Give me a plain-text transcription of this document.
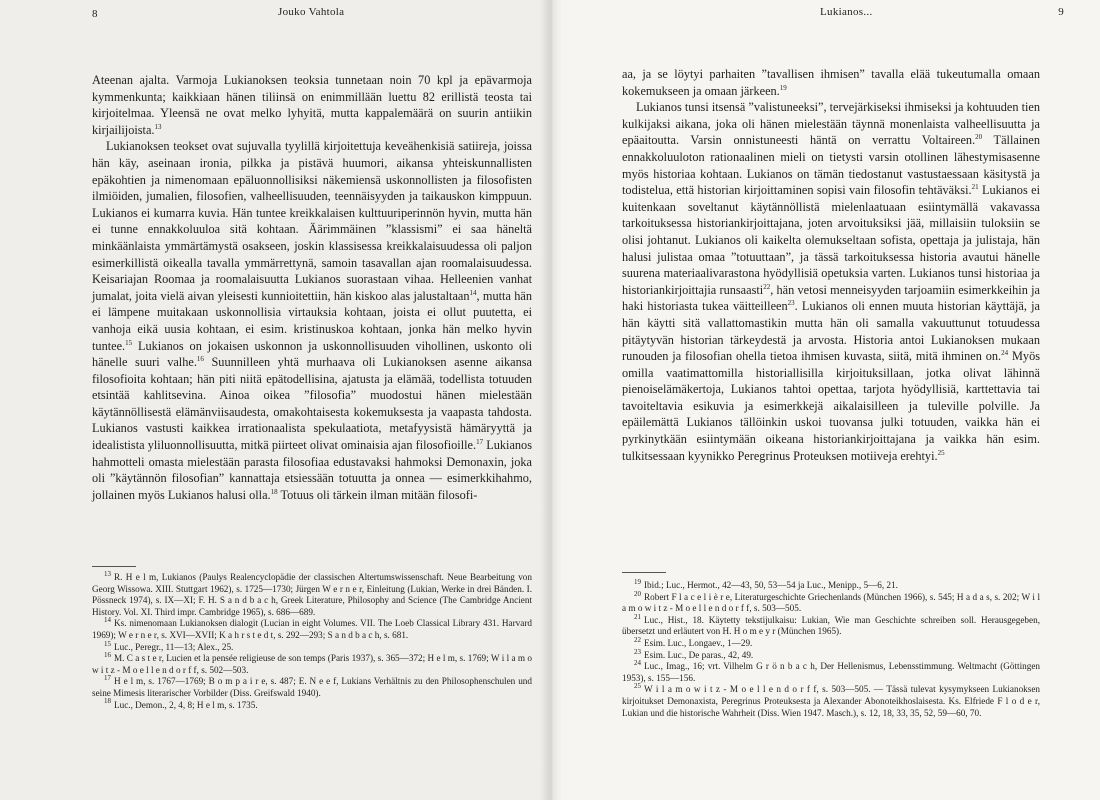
8	Jouko Vahtola

Ateenan ajalta. Varmoja Lukianoksen teoksia tunnetaan noin 70 kpl ja epävarmoja kymmenkunta; kaikkiaan hänen tiliinsä on enimmillään luettu 82 erillistä teosta tai kirjoitelmaa. Yleensä ne ovat melko lyhyitä, mutta kappalemäärä on suurin antiikin kirjailijoista.$^{13}$

Lukianoksen teokset ovat sujuvalla tyylillä kirjoitettuja keveähenkisiä satiireja, joissa hän käy, aseinaan ironia, pilkka ja pistävä huumori, aikansa yhteiskunnallisten epäkohtien ja nimenomaan epäluonnollisiksi näkemiensä uskonnollisten ja filosofisten ilmiöiden, jumalien, filosofien, valheellisuuden, teennäisyyden ja taikauskon kimppuun. Lukianos ei kumarra kuvia. Hän tuntee kreikkalaisen kulttuuriperinnön hyvin, mutta hän ei tunne ennakkoluuloa sitä kohtaan. Äärimmäinen ”klassismi” ei saa häneltä minkäänlaista ymmärtämystä osakseen, joskin klassisessa kreikkalaisuudessa oli paljon esimerkillistä oikealla tavalla ymmärrettynä, samoin tasavallan ajan roomalaisuudessa. Keisariajan Roomaa ja roomalaisuutta Lukianos suorastaan vihaa. Helleenien vanhat jumalat, joita vielä aivan yleisesti kunnioitettiin, hän kiskoo alas jalustaltaan$^{14}$, mutta hän ei lämpene muitakaan uskonnollisia virtauksia kohtaan, joista ei ollut puutetta, ei vanhoja eikä uusia kohtaan, ei esim. kristinuskoa kohtaan, jonka hän melko hyvin tuntee.$^{15}$ Lukianos on jokaisen uskonnon ja uskonnollisuuden vihollinen, uskonto oli hänelle suuri valhe.$^{16}$ Suunnilleen yhtä murhaava oli Lukianoksen asenne aikansa filosofioita kohtaan; hän piti niitä epätodellisina, ajatusta ja elämää, todellista totuuden etsintää kahlitsevina. Ainoa oikea ”filosofia” muodostui hänen mielestään käytännöllisestä elämänviisaudesta, omakohtaisesta kokemuksesta ja vaapasta tahdosta. Lukianos vastusti kaikkea irrationaalista spekulaatiota, metafyysistä hämäryyttä ja idealistista yliluonnollisuutta, mitkä piirteet olivat ominaisia ajan filosofioille.$^{17}$ Lukianos hahmotteli omasta mielestään parasta filosofiaa edustavaksi hahmoksi Demonaxin, joka oli ”käytännön filosofian” kannattaja etsiessään totuutta ja onnea — esimerkkihahmo, jollainen myös Lukianos halusi olla.$^{18}$ Totuus oli tärkein ilman mitään filosofi-

$^{13}$ R. H e l m, Lukianos (Paulys Realencyclopädie der classischen Altertumswissenschaft. Neue Bearbeitung von Georg Wissowa. XIII. Stuttgart 1962), s. 1725—1730; Jürgen W e r n e r, Einleitung (Lukian, Werke in drei Bänden. I. Pössneck 1974), s. IX—XI; F. H. S a n d b a c h, Greek Literature, Philosophy and Science (The Cambridge Ancient History. Vol. XI. Third impr. Cambridge 1965), s. 686—689.

$^{14}$ Ks. nimenomaan Lukianoksen dialogit (Lucian in eight Volumes. VII. The Loeb Classical Library 431. Harvard 1969); W e r n e r, s. XVI—XVII; K a h r s t e d t, s. 292—293; S a n d b a c h, s. 681.

$^{15}$ Luc., Peregr., 11—13; Alex., 25.

$^{16}$ M. C a s t e r, Lucien et la pensée religieuse de son temps (Paris 1937), s. 365—372; H e l m, s. 1769; W i l a m o w i t z - M o e l l e n d o r f f, s. 502—503.

$^{17}$ H e l m, s. 1767—1769; B o m p a i r e, s. 487; E. N e e f, Lukians Verhältnis zu den Philosophenschulen und seine Mimesis literarischer Vorbilder (Diss. Greifswald 1940).

$^{18}$ Luc., Demon., 2, 4, 8; H e l m, s. 1735.

Lukianos...	9

aa, ja se löytyi parhaiten ”tavallisen ihmisen” tavalla elää tukeutumalla omaan kokemukseen ja omaan järkeen.$^{19}$

Lukianos tunsi itsensä ”valistuneeksi”, tervejärkiseksi ihmiseksi ja kohtuuden tien kulkijaksi aikana, joka oli hänen mielestään täynnä monenlaista valheellisuutta ja epäaitoutta. Varsin onnistuneesti häntä on verrattu Voltaireen.$^{20}$ Tällainen ennakkoluuloton rationaalinen mieli on tietysti varsin otollinen lähestymisasenne myös historiaa kohtaan. Lukianos on tämän tiedostanut vastustaessaan käsitystä ja todistelua, että historian kirjoittaminen sopisi vain filosofin tehtäväksi.$^{21}$ Lukianos ei kuitenkaan soveltanut käytännöllistä mielenlaatuaan esiintymällä vakavassa tarkoituksessa historiankirjoittajana, joten arvoituksiksi jää, millaisiin tuloksiin se olisi johtanut. Lukianos oli kaikelta olemukseltaan sofista, opettaja ja julistaja, hän halusi julistaa omaa ”totuuttaan”, ja tässä tarkoituksessa historia avautui hänelle suurena materiaalivarastona hyödyllisiä opetuksia varten. Lukianos tunsi historiaa ja historiankirjoittajia runsaasti$^{22}$, hän vetosi menneisyyden tarjoamiin esimerkkeihin ja haki historiasta tukea väitteilleen$^{23}$. Lukianos oli ennen muuta historian käyttäjä, ja hän käytti sitä vallattomastikin mutta hän oli samalla vakuuttunut totuudessa pitäytyvän historian tärkeydestä ja arvosta. Historia antoi Lukianoksen mukaan runouden ja filosofian ohella tietoa ihmisen kuvasta, siitä, mitä ihminen on.$^{24}$ Myös omilla vaatimattomilla historiallisilla kirjoituksillaan, jotka olivat lähinnä pienoiselämäkertoja, Lukianos tahtoi opettaa, tarjota hyödyllisiä, karttettavia tai tavoiteltavia esikuvia ja esimerkkejä aikalaisilleen ja tuleville polville. Ja epäilemättä Lukianos tällöinkin uskoi tuovansa julki totuuden, vaikka hän ei pyrkinytkään esiintymään oikeana historiankirjoittajana ja vaikka hän esim. tulkitsessaan kyynikko Peregrinus Proteuksen motiiveja erehtyi.$^{25}$

$^{19}$ Ibid.; Luc., Hermot., 42—43, 50, 53—54 ja Luc., Menipp., 5—6, 21.

$^{20}$ Robert F l a c e l i è r e, Literaturgeschichte Griechenlands (München 1966), s. 545; H a d a s, s. 202; W i l a m o w i t z - M o e l l e n d o r f f, s. 503—505.

$^{21}$ Luc., Hist., 18. Käytetty tekstijulkaisu: Lukian, Wie man Geschichte schreiben soll. Herausgegeben, übersetzt und erläutert von H. H o m e y r (München 1965).

$^{22}$ Esim. Luc., Longaev., 1—29.

$^{23}$ Esim. Luc., De paras., 42, 49.

$^{24}$ Luc., Imag., 16; vrt. Vilhelm G r ö n b a c h, Der Hellenismus, Lebensstimmung. Weltmacht (Göttingen 1953), s. 155—156.

$^{25}$ W i l a m o w i t z - M o e l l e n d o r f f, s. 503—505. — Tässä tulevat kysymykseen Lukianoksen kirjoitukset Demonaxista, Peregrinus Proteuksesta ja Alexander Abonoteikhoslaisesta. Ks. Elfriede F l o d e r, Lukian und die historische Wahrheit (Diss. Wien 1947. Masch.), s. 12, 18, 33, 35, 52, 59—60, 70.
